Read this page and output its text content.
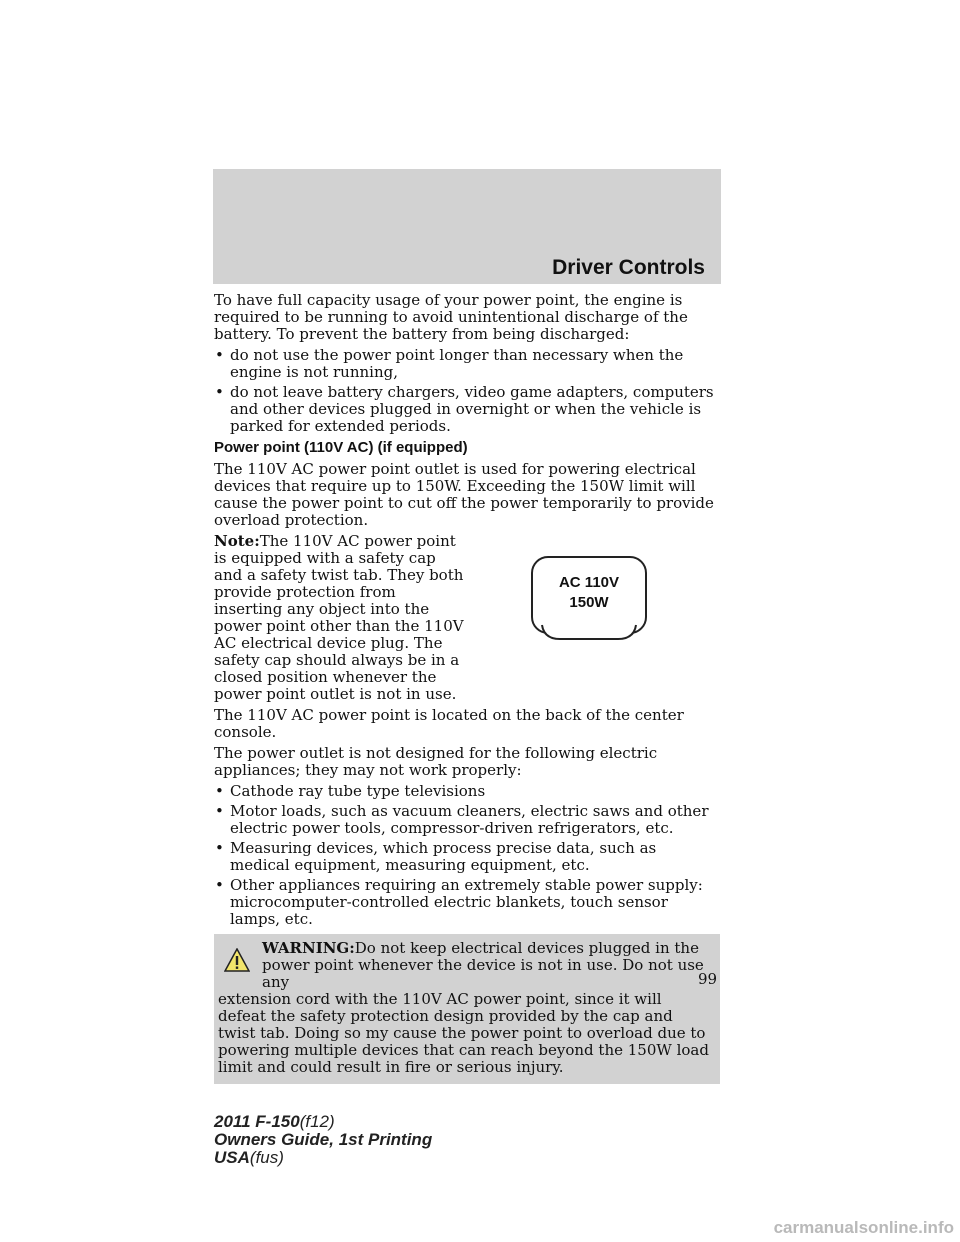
Driver Controls

To have full capacity usage of your power point, the engine is required to be running to avoid unintentional discharge of the battery. To prevent the battery from being discharged:

• do not use the power point longer than necessary when the engine is not running,
• do not leave battery chargers, video game adapters, computers and other devices plugged in overnight or when the vehicle is parked for extended periods.
Power point (110V AC) (if equipped)

The 110V AC power point outlet is used for powering electrical devices that require up to 150W. Exceeding the 150W limit will cause the power point to cut off the power temporarily to provide overload protection.

Note:The 110V AC power point is equipped with a safety cap and a safety twist tab. They both provide protection from inserting any object into the power point other than the 110V AC electrical device plug. The safety cap should always be in a closed position whenever the power point outlet is not in use.

AC 110V
150W

The 110V AC power point is located on the back of the center console.

The power outlet is not designed for the following electric appliances; they may not work properly:

• Cathode ray tube type televisions
• Motor loads, such as vacuum cleaners, electric saws and other electric power tools, compressor-driven refrigerators, etc.
• Measuring devices, which process precise data, such as medical equipment, measuring equipment, etc.
• Other appliances requiring an extremely stable power supply: microcomputer-controlled electric blankets, touch sensor lamps, etc.
WARNING:Do not keep electrical devices plugged in the power point whenever the device is not in use. Do not use any
extension cord with the 110V AC power point, since it will defeat the safety protection design provided by the cap and twist tab. Doing so my cause the power point to overload due to powering multiple devices that can reach beyond the 150W load limit and could result in fire or serious injury.
99
2011 F-150(f12)
Owners Guide, 1st Printing
USA(fus)
carmanualsonline.info
